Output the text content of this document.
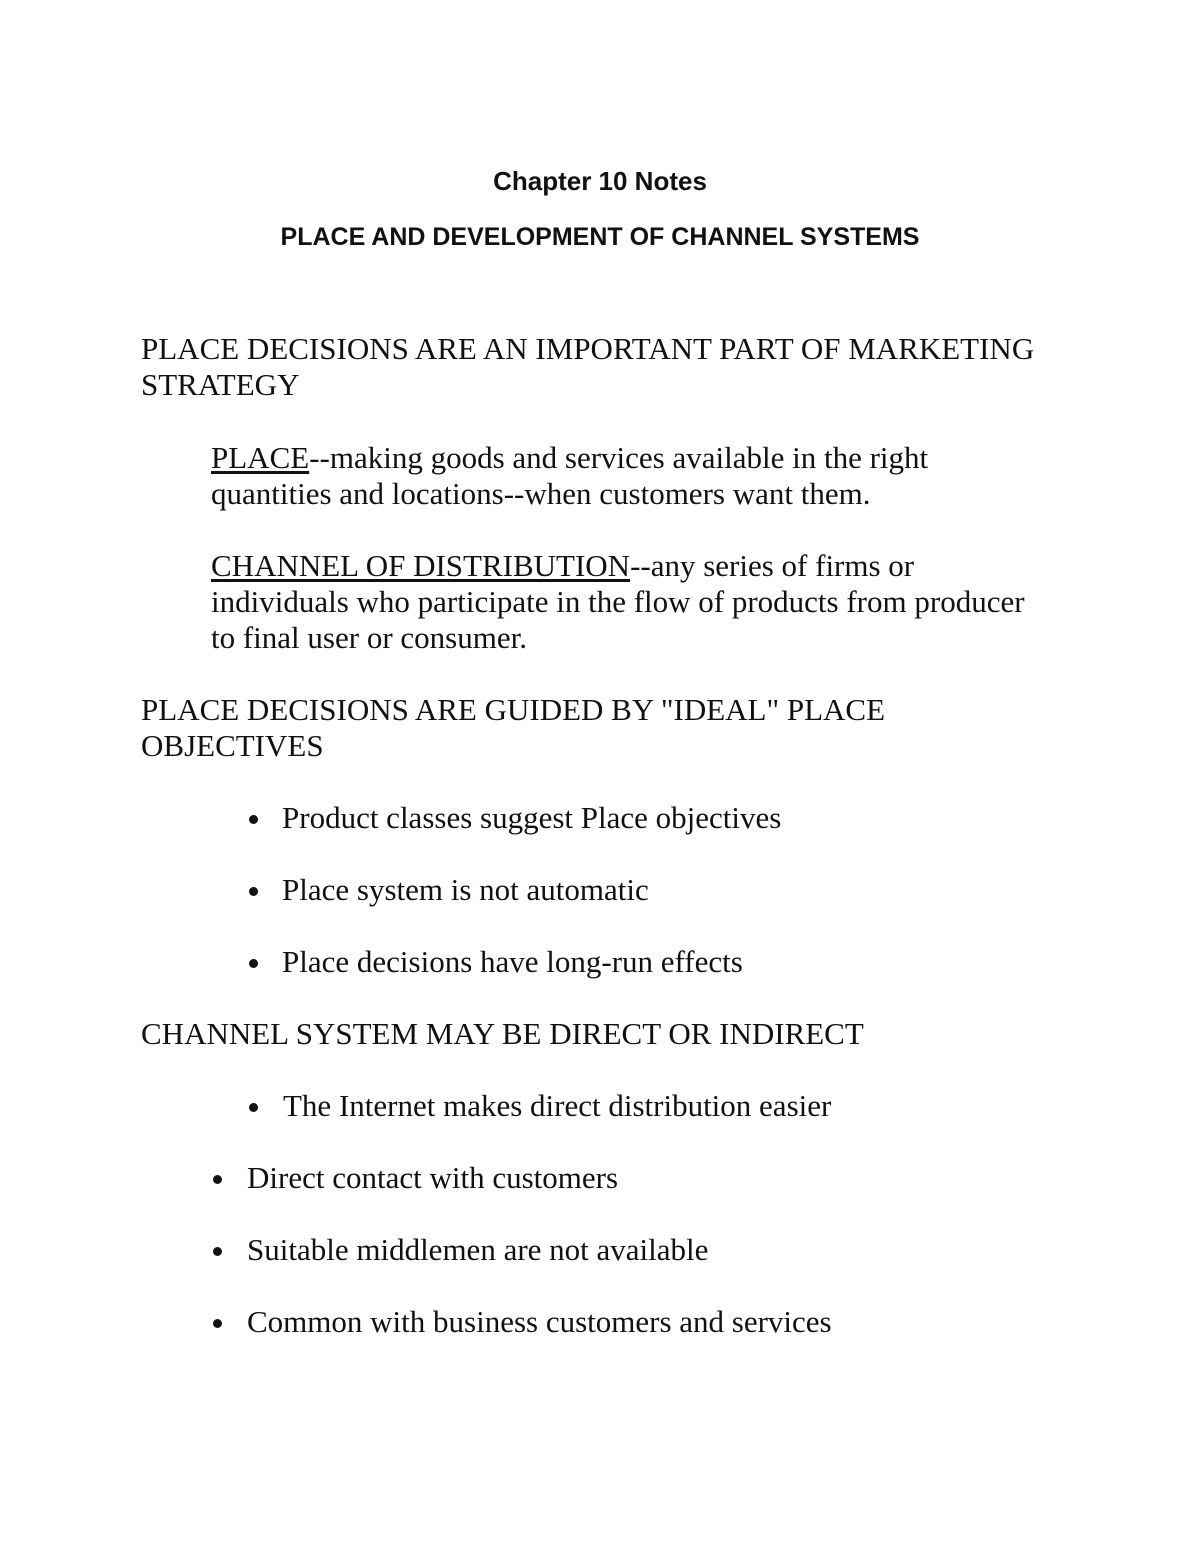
Chapter 10 Notes
PLACE AND DEVELOPMENT OF CHANNEL SYSTEMS
PLACE DECISIONS ARE AN IMPORTANT PART OF MARKETING
STRATEGY
PLACE--making goods and services available in the right
quantities and locations--when customers want them.
CHANNEL OF DISTRIBUTION--any series of firms or
individuals who participate in the flow of products from producer
to final user or consumer.
PLACE DECISIONS ARE GUIDED BY "IDEAL" PLACE
OBJECTIVES
Product classes suggest Place objectives
Place system is not automatic
Place decisions have long-run effects
CHANNEL SYSTEM MAY BE DIRECT OR INDIRECT
The Internet makes direct distribution easier
Direct contact with customers
Suitable middlemen are not available
Common with business customers and services
